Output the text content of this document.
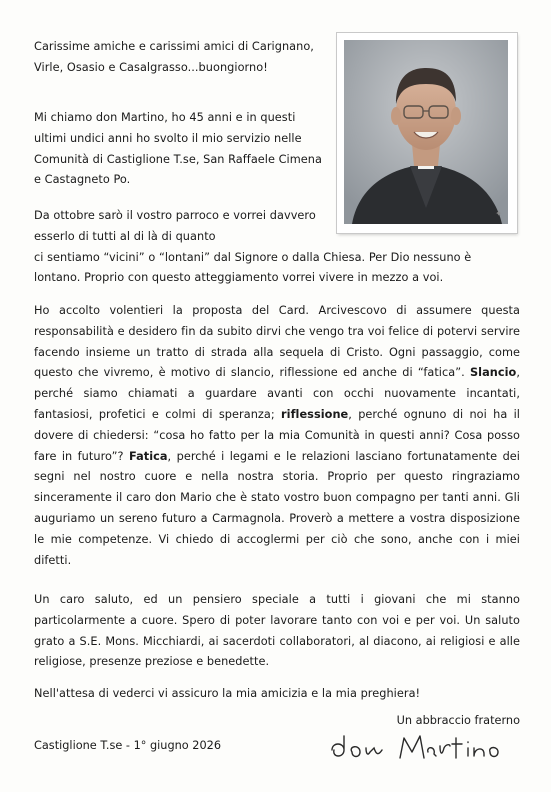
✦

Carissime amiche e carissimi amici di Carignano, Virle, Osasio e Casalgrasso...buongiorno!

Mi chiamo don Martino, ho 45 anni e in questi ultimi undici anni ho svolto il mio servizio nelle Comunità di Castiglione T.se, San Raffaele Cimena e Castagneto Po.

Da ottobre sarò il vostro parroco e vorrei davvero esserlo di tutti al di là di quanto
ci sentiamo “vicini” o “lontani” dal Signore o dalla Chiesa. Per Dio nessuno è lontano. Proprio con questo atteggiamento vorrei vivere in mezzo a voi.

Ho accolto volentieri la proposta del Card. Arcivescovo di assumere questa responsabilità e desidero fin da subito dirvi che vengo tra voi felice di potervi servire facendo insieme un tratto di strada alla sequela di Cristo. Ogni passaggio, come questo che vivremo, è motivo di slancio, riflessione ed anche di “fatica”. Slancio, perché siamo chiamati a guardare avanti con occhi nuovamente incantati, fantasiosi, profetici e colmi di speranza; riflessione, perché ognuno di noi ha il dovere di chiedersi: “cosa ho fatto per la mia Comunità in questi anni? Cosa posso fare in futuro”? Fatica, perché i legami e le relazioni lasciano fortunatamente dei segni nel nostro cuore e nella nostra storia. Proprio per questo ringraziamo sinceramente il caro don Mario che è stato vostro buon compagno per tanti anni. Gli auguriamo un sereno futuro a Carmagnola. Proverò a mettere a vostra disposizione le mie competenze. Vi chiedo di accoglermi per ciò che sono, anche con i miei difetti.

Un caro saluto, ed un pensiero speciale a tutti i giovani che mi stanno particolarmente a cuore. Spero di poter lavorare tanto con voi e per voi. Un saluto grato a S.E. Mons. Micchiardi, ai sacerdoti collaboratori, al diacono, ai religiosi e alle religiose, presenze preziose e benedette.

Nell'attesa di vederci vi assicuro la mia amicizia e la mia preghiera!

Un abbraccio fraterno
Castiglione T.se - 1° giugno 2026
